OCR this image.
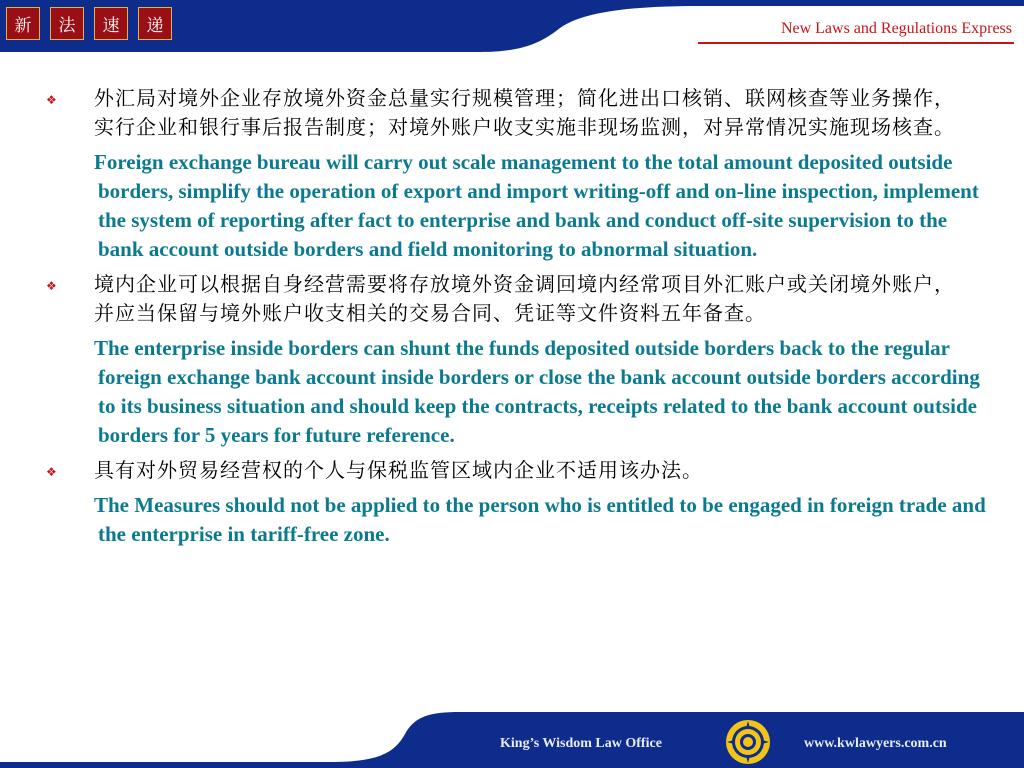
新	法	速	递	New Laws and Regulations Express
❖	外汇局对境外企业存放境外资金总量实行规模管理；简化进出口核销、联网核查等业务操作，实行企业和银行事后报告制度；对境外账户收支实施非现场监测，对异常情况实施现场核查。
Foreign exchange bureau will carry out scale management to the total amount deposited outside borders, simplify the operation of export and import writing-off and on-line inspection, implement the system of reporting after fact to enterprise and bank and conduct off-site supervision to the bank account outside borders and field monitoring to abnormal situation.
❖	境内企业可以根据自身经营需要将存放境外资金调回境内经常项目外汇账户或关闭境外账户，并应当保留与境外账户收支相关的交易合同、凭证等文件资料五年备查。
The enterprise inside borders can shunt the funds deposited outside borders back to the regular foreign exchange bank account inside borders or close the bank account outside borders according to its business situation and should keep the contracts, receipts related to the bank account outside borders for 5 years for future reference.
❖	具有对外贸易经营权的个人与保税监管区域内企业不适用该办法。
The Measures should not be applied to the person who is entitled to be engaged in foreign trade and the enterprise in tariff-free zone.
King’s Wisdom Law Office	www.kwlawyers.com.cn
